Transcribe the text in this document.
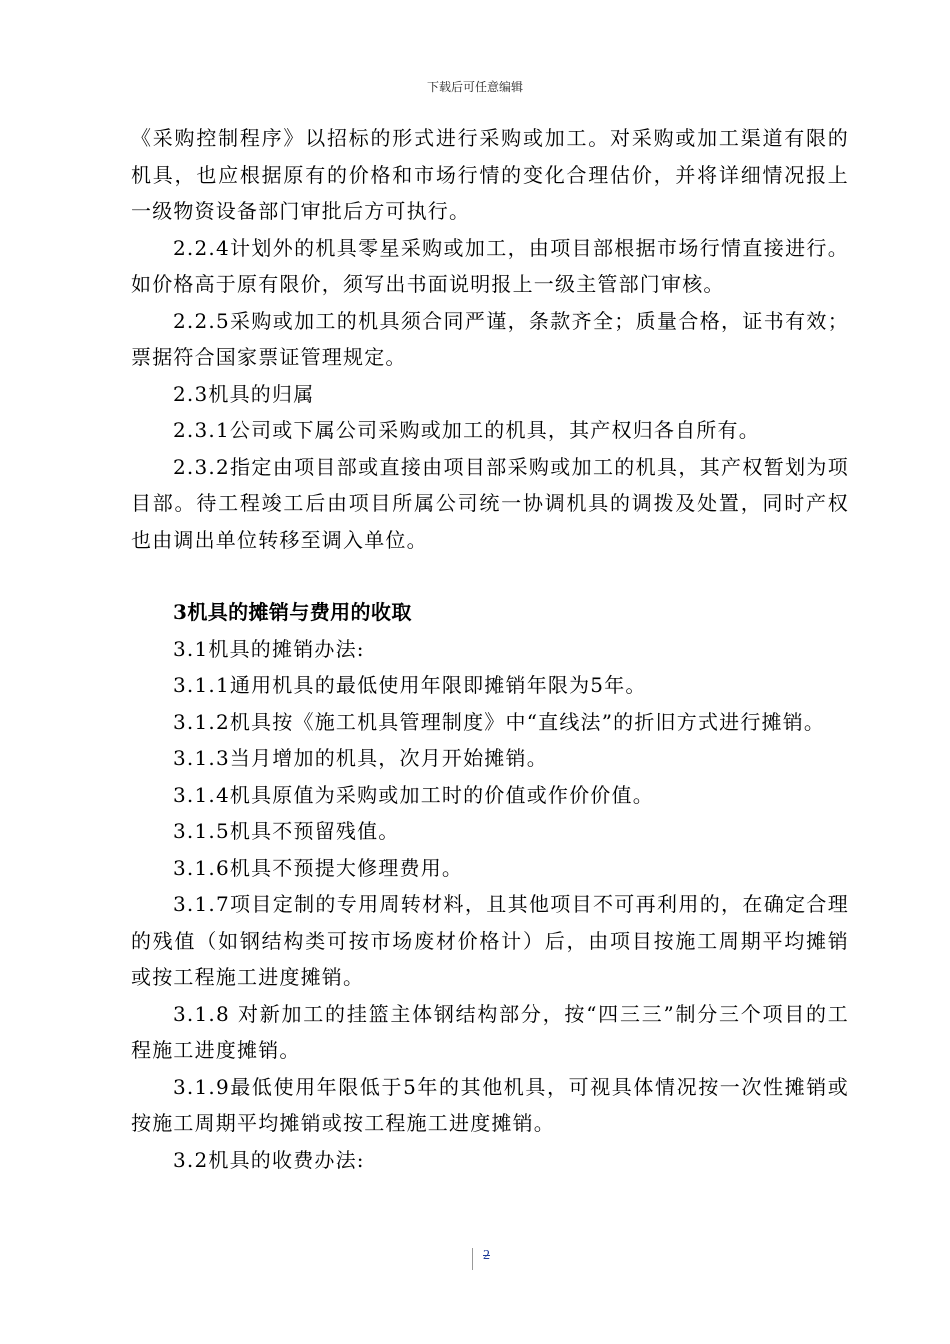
下载后可任意编辑

《采购控制程序》以招标的形式进行采购或加工。对采购或加工渠道有限的机具，也应根据原有的价格和市场行情的变化合理估价，并将详细情况报上一级物资设备部门审批后方可执行。

2.2.4计划外的机具零星采购或加工，由项目部根据市场行情直接进行。如价格高于原有限价，须写出书面说明报上一级主管部门审核。

2.2.5采购或加工的机具须合同严谨，条款齐全；质量合格，证书有效；票据符合国家票证管理规定。

2.3机具的归属

2.3.1公司或下属公司采购或加工的机具，其产权归各自所有。

2.3.2指定由项目部或直接由项目部采购或加工的机具，其产权暂划为项目部。待工程竣工后由项目所属公司统一协调机具的调拨及处置，同时产权也由调出单位转移至调入单位。

3机具的摊销与费用的收取

3.1机具的摊销办法:

3.1.1通用机具的最低使用年限即摊销年限为5年。

3.1.2机具按《施工机具管理制度》中“直线法”的折旧方式进行摊销。

3.1.3当月增加的机具，次月开始摊销。

3.1.4机具原值为采购或加工时的价值或作价价值。

3.1.5机具不预留残值。

3.1.6机具不预提大修理费用。

3.1.7项目定制的专用周转材料，且其他项目不可再利用的，在确定合理的残值（如钢结构类可按市场废材价格计）后，由项目按施工周期平均摊销或按工程施工进度摊销。

3.1.8 对新加工的挂篮主体钢结构部分，按“四三三”制分三个项目的工程施工进度摊销。

3.1.9最低使用年限低于5年的其他机具，可视具体情况按一次性摊销或按施工周期平均摊销或按工程施工进度摊销。

3.2机具的收费办法:

2
